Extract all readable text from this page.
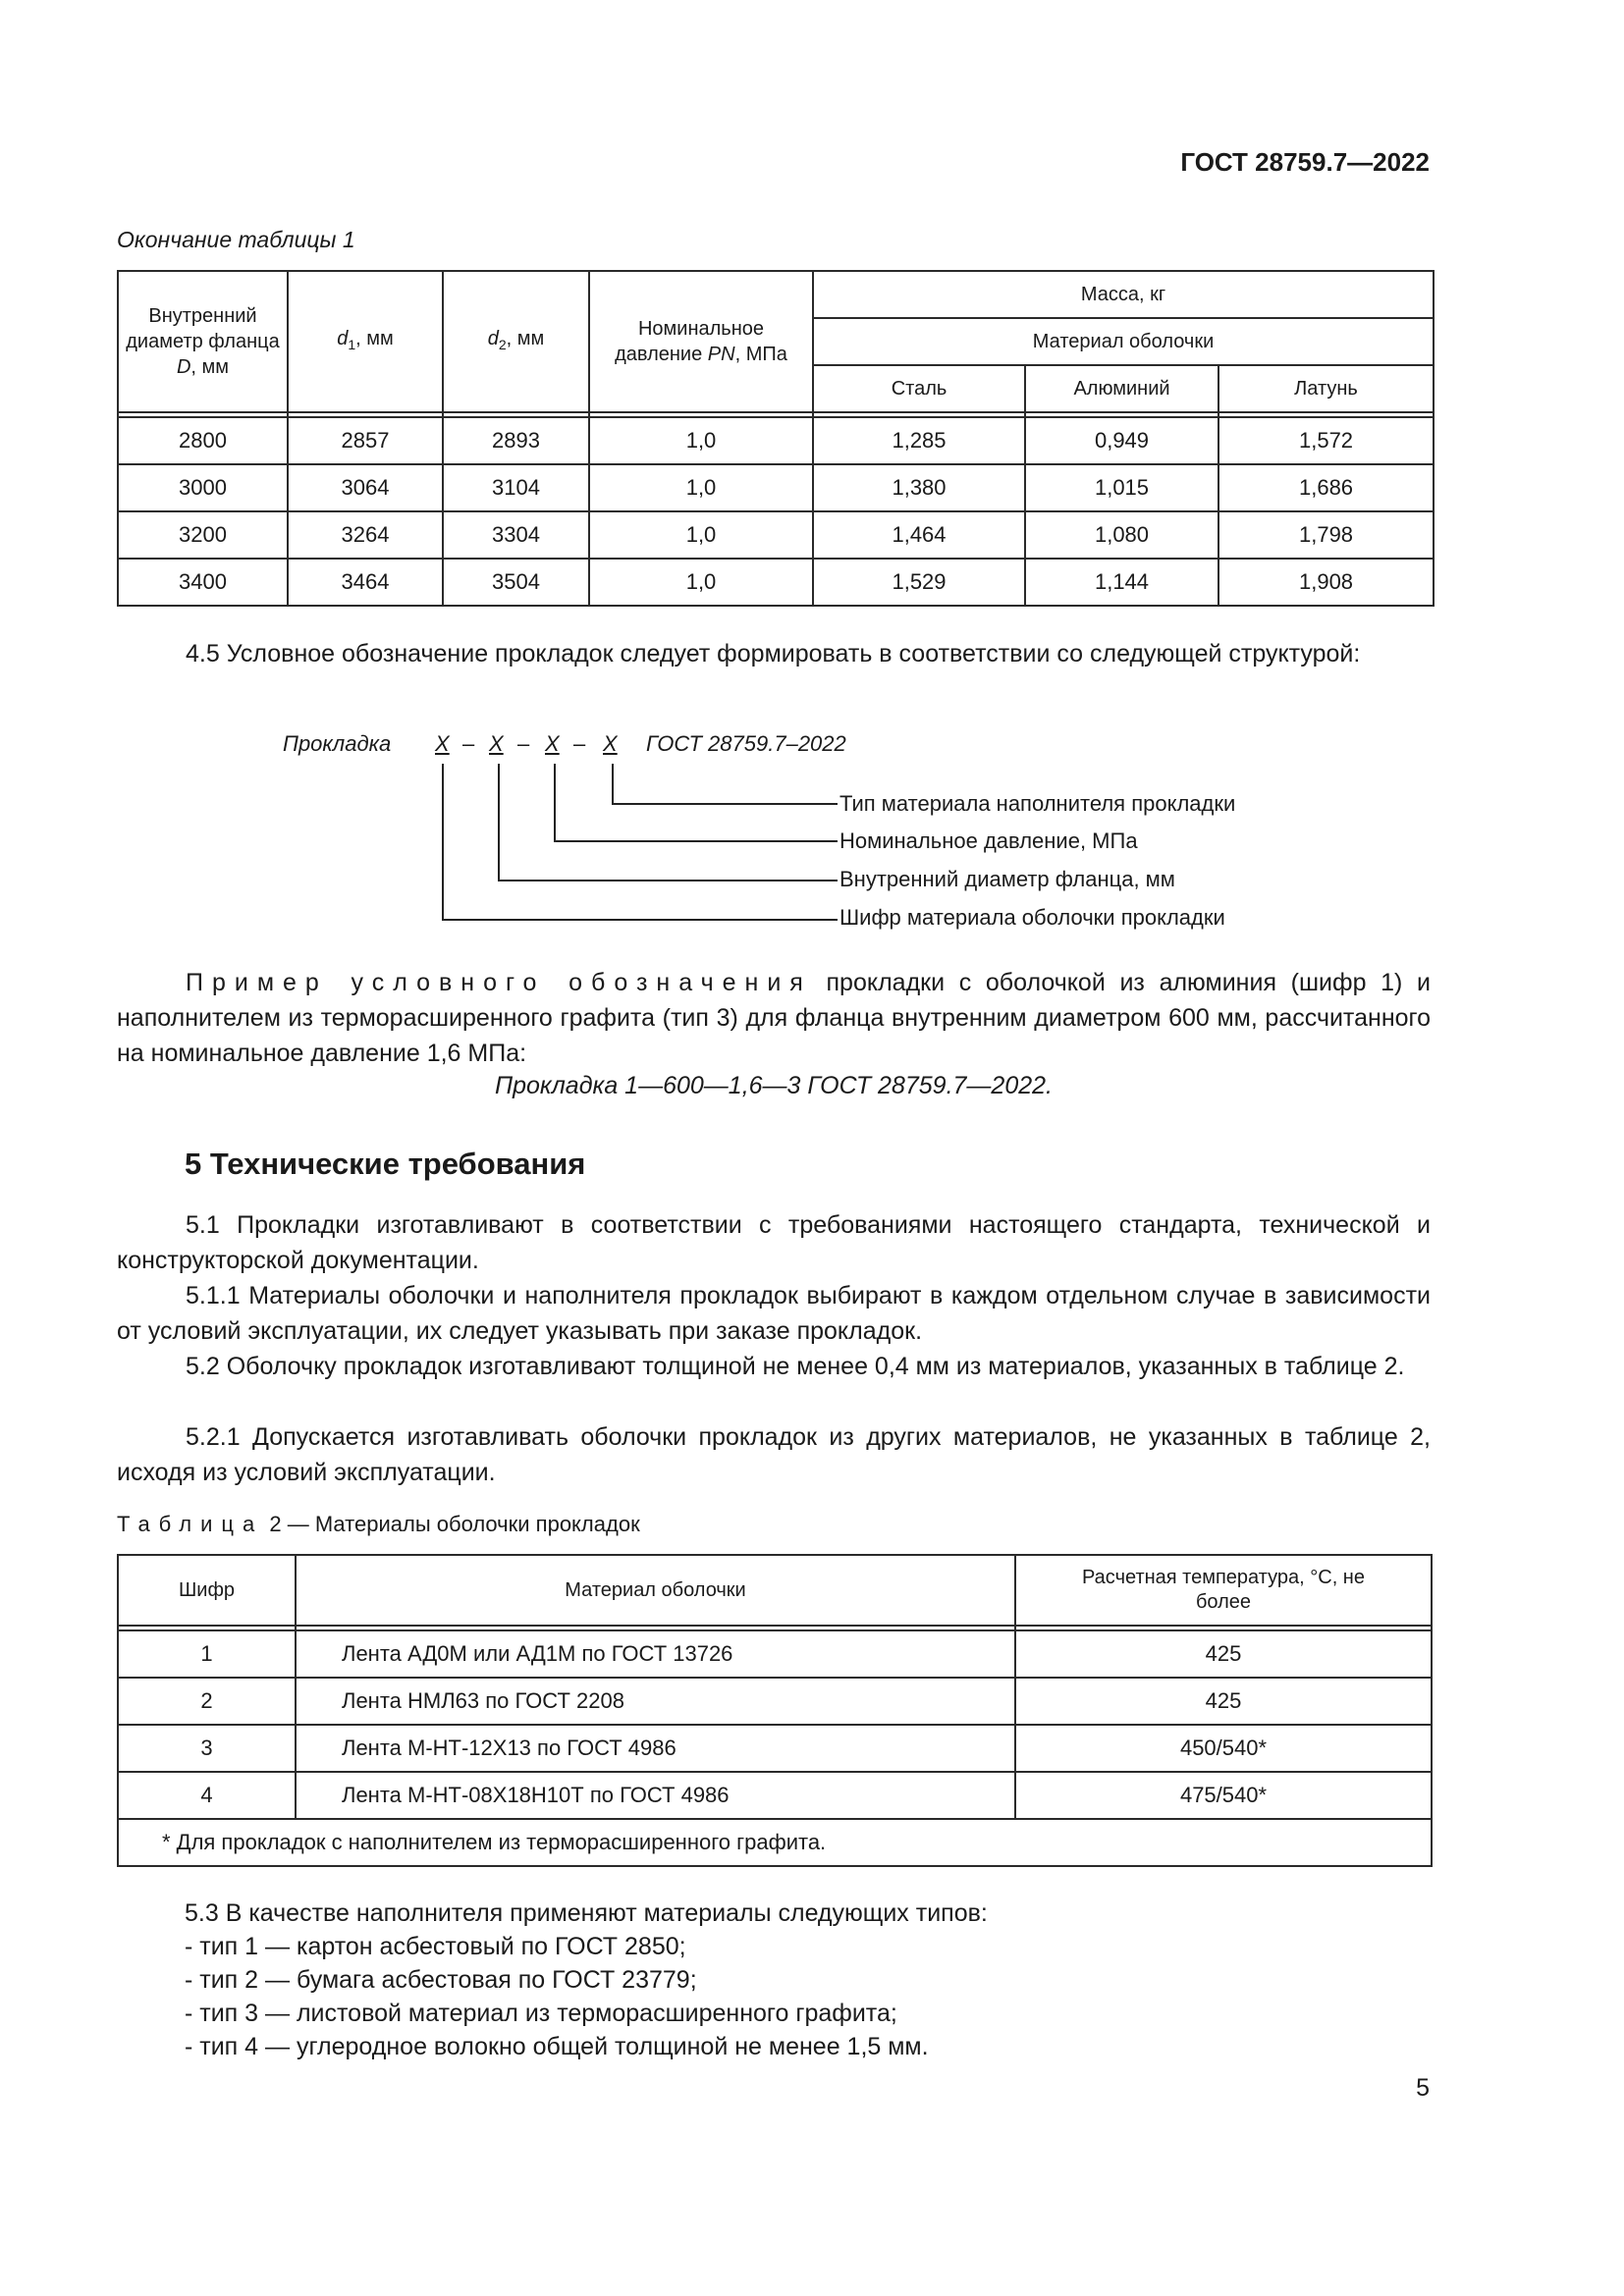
ГОСТ 28759.7—2022
Окончание таблицы 1
Внутренний диаметр фланца D, мм	$d_1$, мм	$d_2$, мм	Номинальное давление PN, МПа	Масса, кг		
				Материал оболочки		
				Сталь	Алюминий	Латунь

2800	2857	2893	1,0	1,285	0,949	1,572
3000	3064	3104	1,0	1,380	1,015	1,686
3200	3264	3304	1,0	1,464	1,080	1,798
3400	3464	3504	1,0	1,529	1,144	1,908
4.5 Условное обозначение прокладок следует формировать в соответствии со следующей структурой:
Прокладка X – X – X – X ГОСТ 28759.7–2022
Тип материала наполнителя прокладки
Номинальное давление, МПа
Внутренний диаметр фланца, мм
Шифр материала оболочки прокладки
Пример условного обозначения прокладки с оболочкой из алюминия (шифр 1) и наполнителем из терморасширенного графита (тип 3) для фланца внутренним диаметром 600 мм, рассчитанного на номинальное давление 1,6 МПа:
Прокладка 1—600—1,6—3 ГОСТ 28759.7—2022.
5 Технические требования
5.1 Прокладки изготавливают в соответствии с требованиями настоящего стандарта, технической и конструкторской документации.
5.1.1 Материалы оболочки и наполнителя прокладок выбирают в каждом отдельном случае в зависимости от условий эксплуатации, их следует указывать при заказе прокладок.
5.2 Оболочку прокладок изготавливают толщиной не менее 0,4 мм из материалов, указанных в таблице 2.
5.2.1 Допускается изготавливать оболочки прокладок из других материалов, не указанных в таблице 2, исходя из условий эксплуатации.
Таблица 2 — Материалы оболочки прокладок
Шифр	Материал оболочки	Расчетная температура, °С, не более

1	Лента АД0М или АД1М по ГОСТ 13726	425
2	Лента НМЛ63 по ГОСТ 2208	425
3	Лента М-НТ-12Х13 по ГОСТ 4986	450/540*
4	Лента М-НТ-08Х18Н10Т по ГОСТ 4986	475/540*
* Для прокладок с наполнителем из терморасширенного графита.		
5.3 В качестве наполнителя применяют материалы следующих типов:
- тип 1 — картон асбестовый по ГОСТ 2850;
- тип 2 — бумага асбестовая по ГОСТ 23779;
- тип 3 — листовой материал из терморасширенного графита;
- тип 4 — углеродное волокно общей толщиной не менее 1,5 мм.
5
